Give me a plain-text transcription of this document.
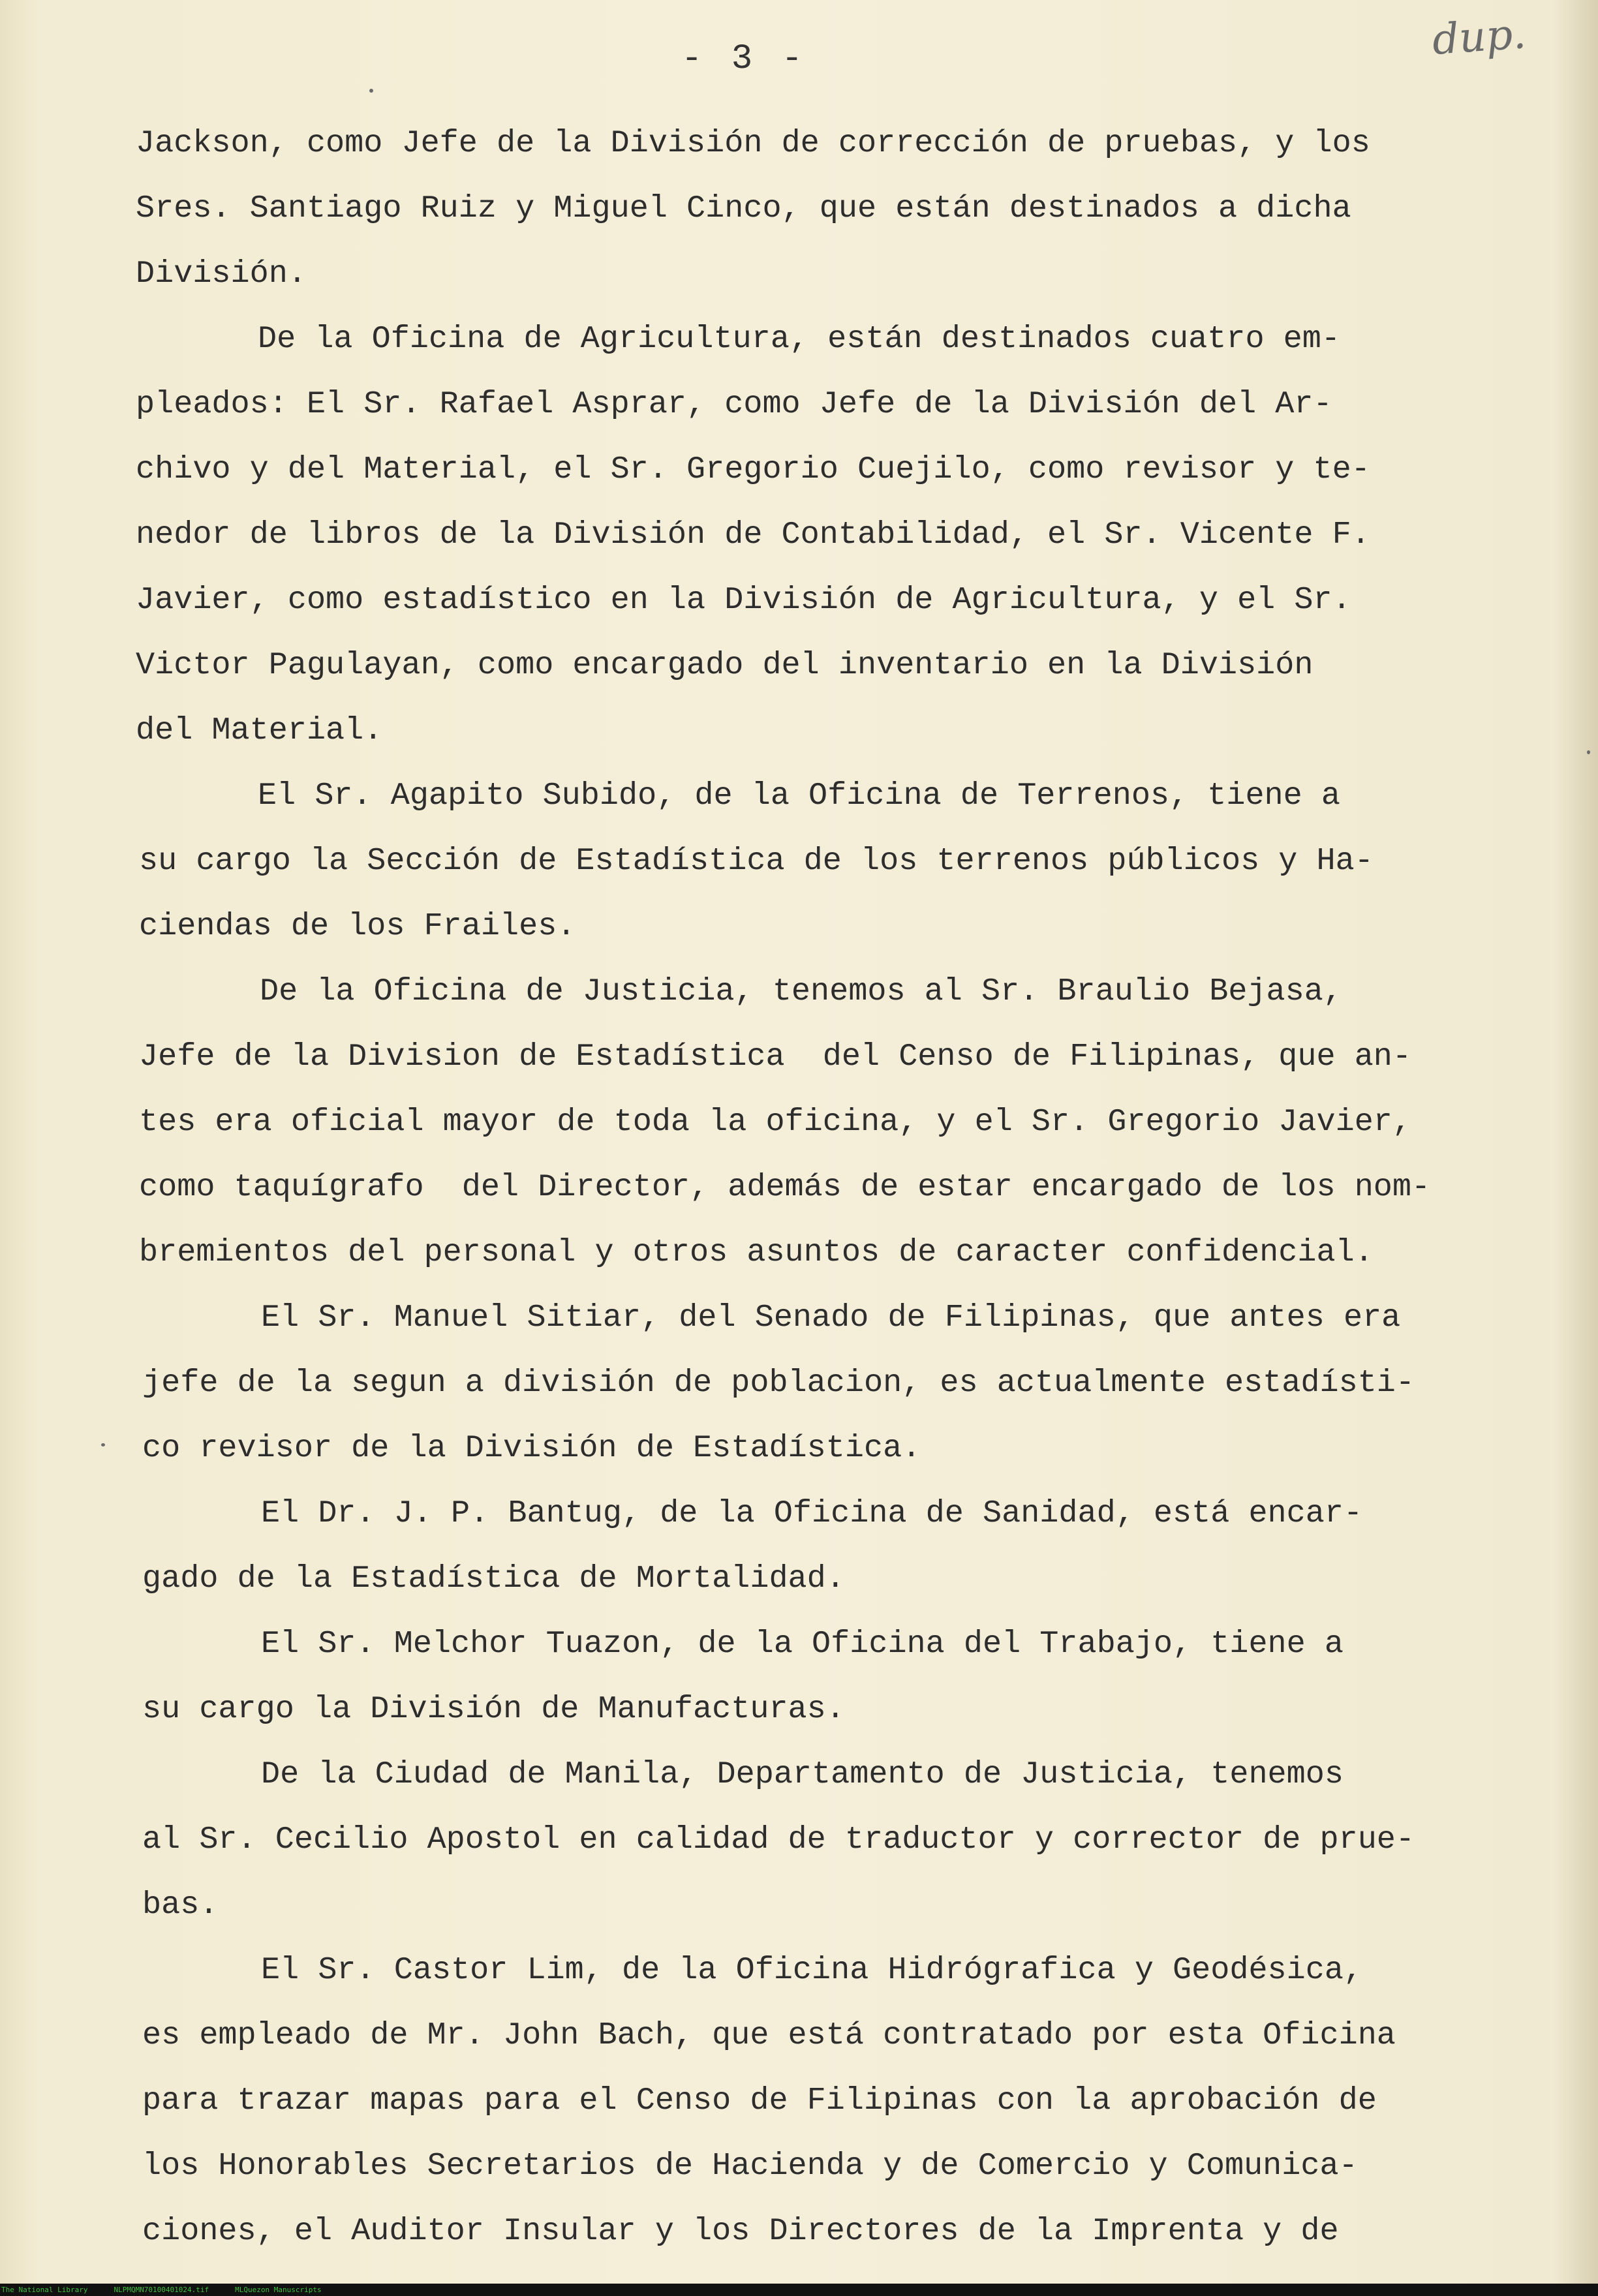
- 3 -	dup.
Jackson, como Jefe de la División de corrección de pruebas, y los
Sres. Santiago Ruiz y Miguel Cinco, que están destinados a dicha
División.
De la Oficina de Agricultura, están destinados cuatro em-
pleados: El Sr. Rafael Asprar, como Jefe de la División del Ar-
chivo y del Material, el Sr. Gregorio Cuejilo, como revisor y te-
nedor de libros de la División de Contabilidad, el Sr. Vicente F.
Javier, como estadístico en la División de Agricultura, y el Sr.
Victor Pagulayan, como encargado del inventario en la División
del Material.
El Sr. Agapito Subido, de la Oficina de Terrenos, tiene a
su cargo la Sección de Estadística de los terrenos públicos y Ha-
ciendas de los Frailes.
De la Oficina de Justicia, tenemos al Sr. Braulio Bejasa,
Jefe de la Division de Estadística  del Censo de Filipinas, que an-
tes era oficial mayor de toda la oficina, y el Sr. Gregorio Javier,
como taquígrafo  del Director, además de estar encargado de los nom-
bremientos del personal y otros asuntos de caracter confidencial.
El Sr. Manuel Sitiar, del Senado de Filipinas, que antes era
jefe de la segun a división de poblacion, es actualmente estadísti-
co revisor de la División de Estadística.
El Dr. J. P. Bantug, de la Oficina de Sanidad, está encar-
gado de la Estadística de Mortalidad.
El Sr. Melchor Tuazon, de la Oficina del Trabajo, tiene a
su cargo la División de Manufacturas.
De la Ciudad de Manila, Departamento de Justicia, tenemos
al Sr. Cecilio Apostol en calidad de traductor y corrector de prue-
bas.
El Sr. Castor Lim, de la Oficina Hidrógrafica y Geodésica,
es empleado de Mr. John Bach, que está contratado por esta Oficina
para trazar mapas para el Censo de Filipinas con la aprobación de
los Honorables Secretarios de Hacienda y de Comercio y Comunica-
ciones, el Auditor Insular y los Directores de la Imprenta y de
The National Library	NLPMQMN70100401024.tif	MLQuezon Manuscripts
